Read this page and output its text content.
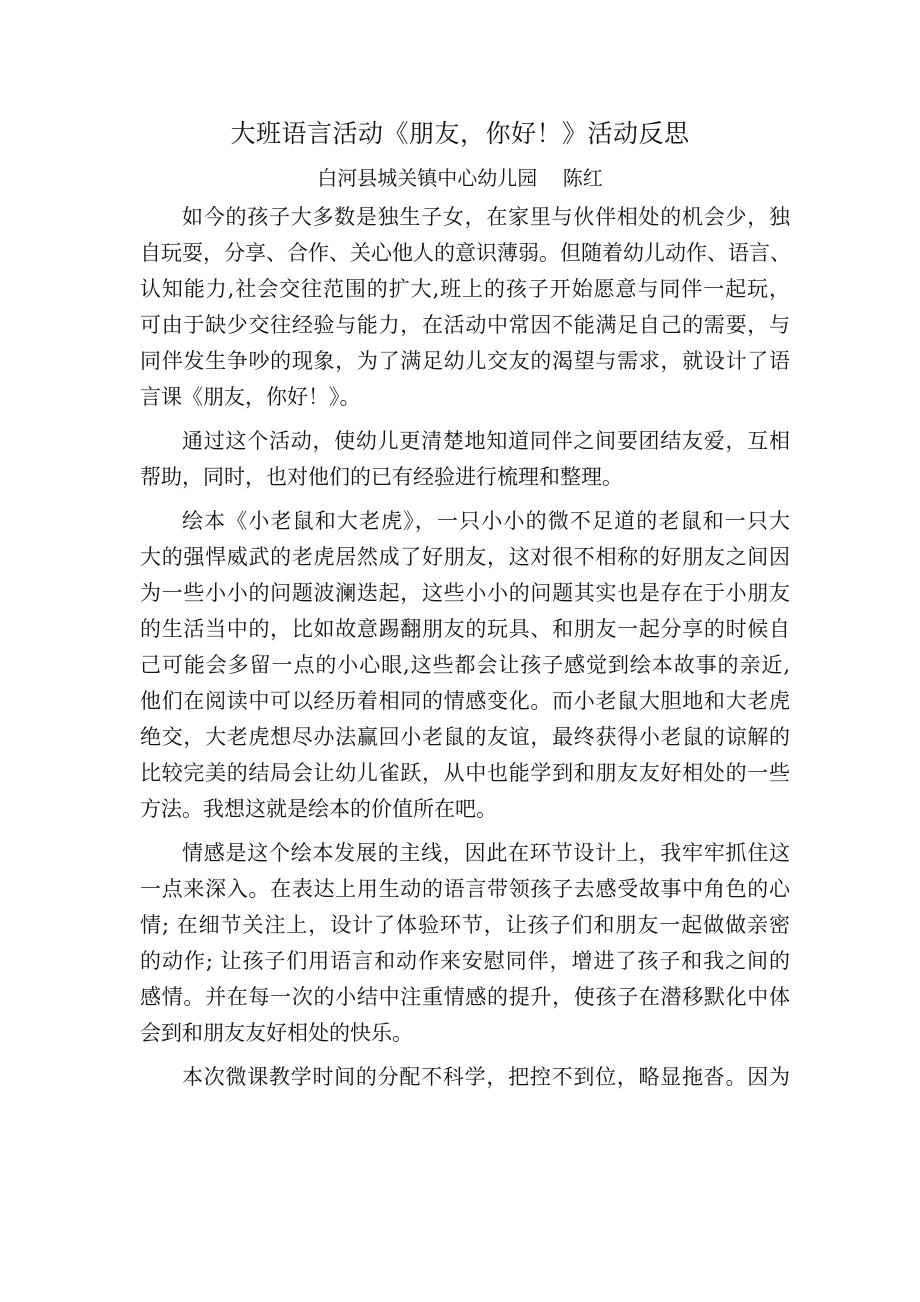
大班语言活动《朋友，你好！》活动反思
白河县城关镇中心幼儿园    陈红
如今的孩子大多数是独生子女，在家里与伙伴相处的机会少，独
自玩耍，分享、合作、关心他人的意识薄弱。但随着幼儿动作、语言、
认知能力,社会交往范围的扩大,班上的孩子开始愿意与同伴一起玩，
可由于缺少交往经验与能力，在活动中常因不能满足自己的需要，与
同伴发生争吵的现象，为了满足幼儿交友的渴望与需求，就设计了语
言课《朋友，你好！》。
通过这个活动，使幼儿更清楚地知道同伴之间要团结友爱，互相
帮助，同时，也对他们的已有经验进行梳理和整理。
绘本《小老鼠和大老虎》，一只小小的微不足道的老鼠和一只大
大的强悍威武的老虎居然成了好朋友，这对很不相称的好朋友之间因
为一些小小的问题波澜迭起，这些小小的问题其实也是存在于小朋友
的生活当中的，比如故意踢翻朋友的玩具、和朋友一起分享的时候自
己可能会多留一点的小心眼,这些都会让孩子感觉到绘本故事的亲近,
他们在阅读中可以经历着相同的情感变化。而小老鼠大胆地和大老虎
绝交，大老虎想尽办法赢回小老鼠的友谊，最终获得小老鼠的谅解的
比较完美的结局会让幼儿雀跃，从中也能学到和朋友友好相处的一些
方法。我想这就是绘本的价值所在吧。
情感是这个绘本发展的主线，因此在环节设计上，我牢牢抓住这
一点来深入。在表达上用生动的语言带领孩子去感受故事中角色的心
情; 在细节关注上，设计了体验环节，让孩子们和朋友一起做做亲密
的动作; 让孩子们用语言和动作来安慰同伴，增进了孩子和我之间的
感情。并在每一次的小结中注重情感的提升，使孩子在潜移默化中体
会到和朋友友好相处的快乐。
本次微课教学时间的分配不科学，把控不到位，略显拖沓。因为
